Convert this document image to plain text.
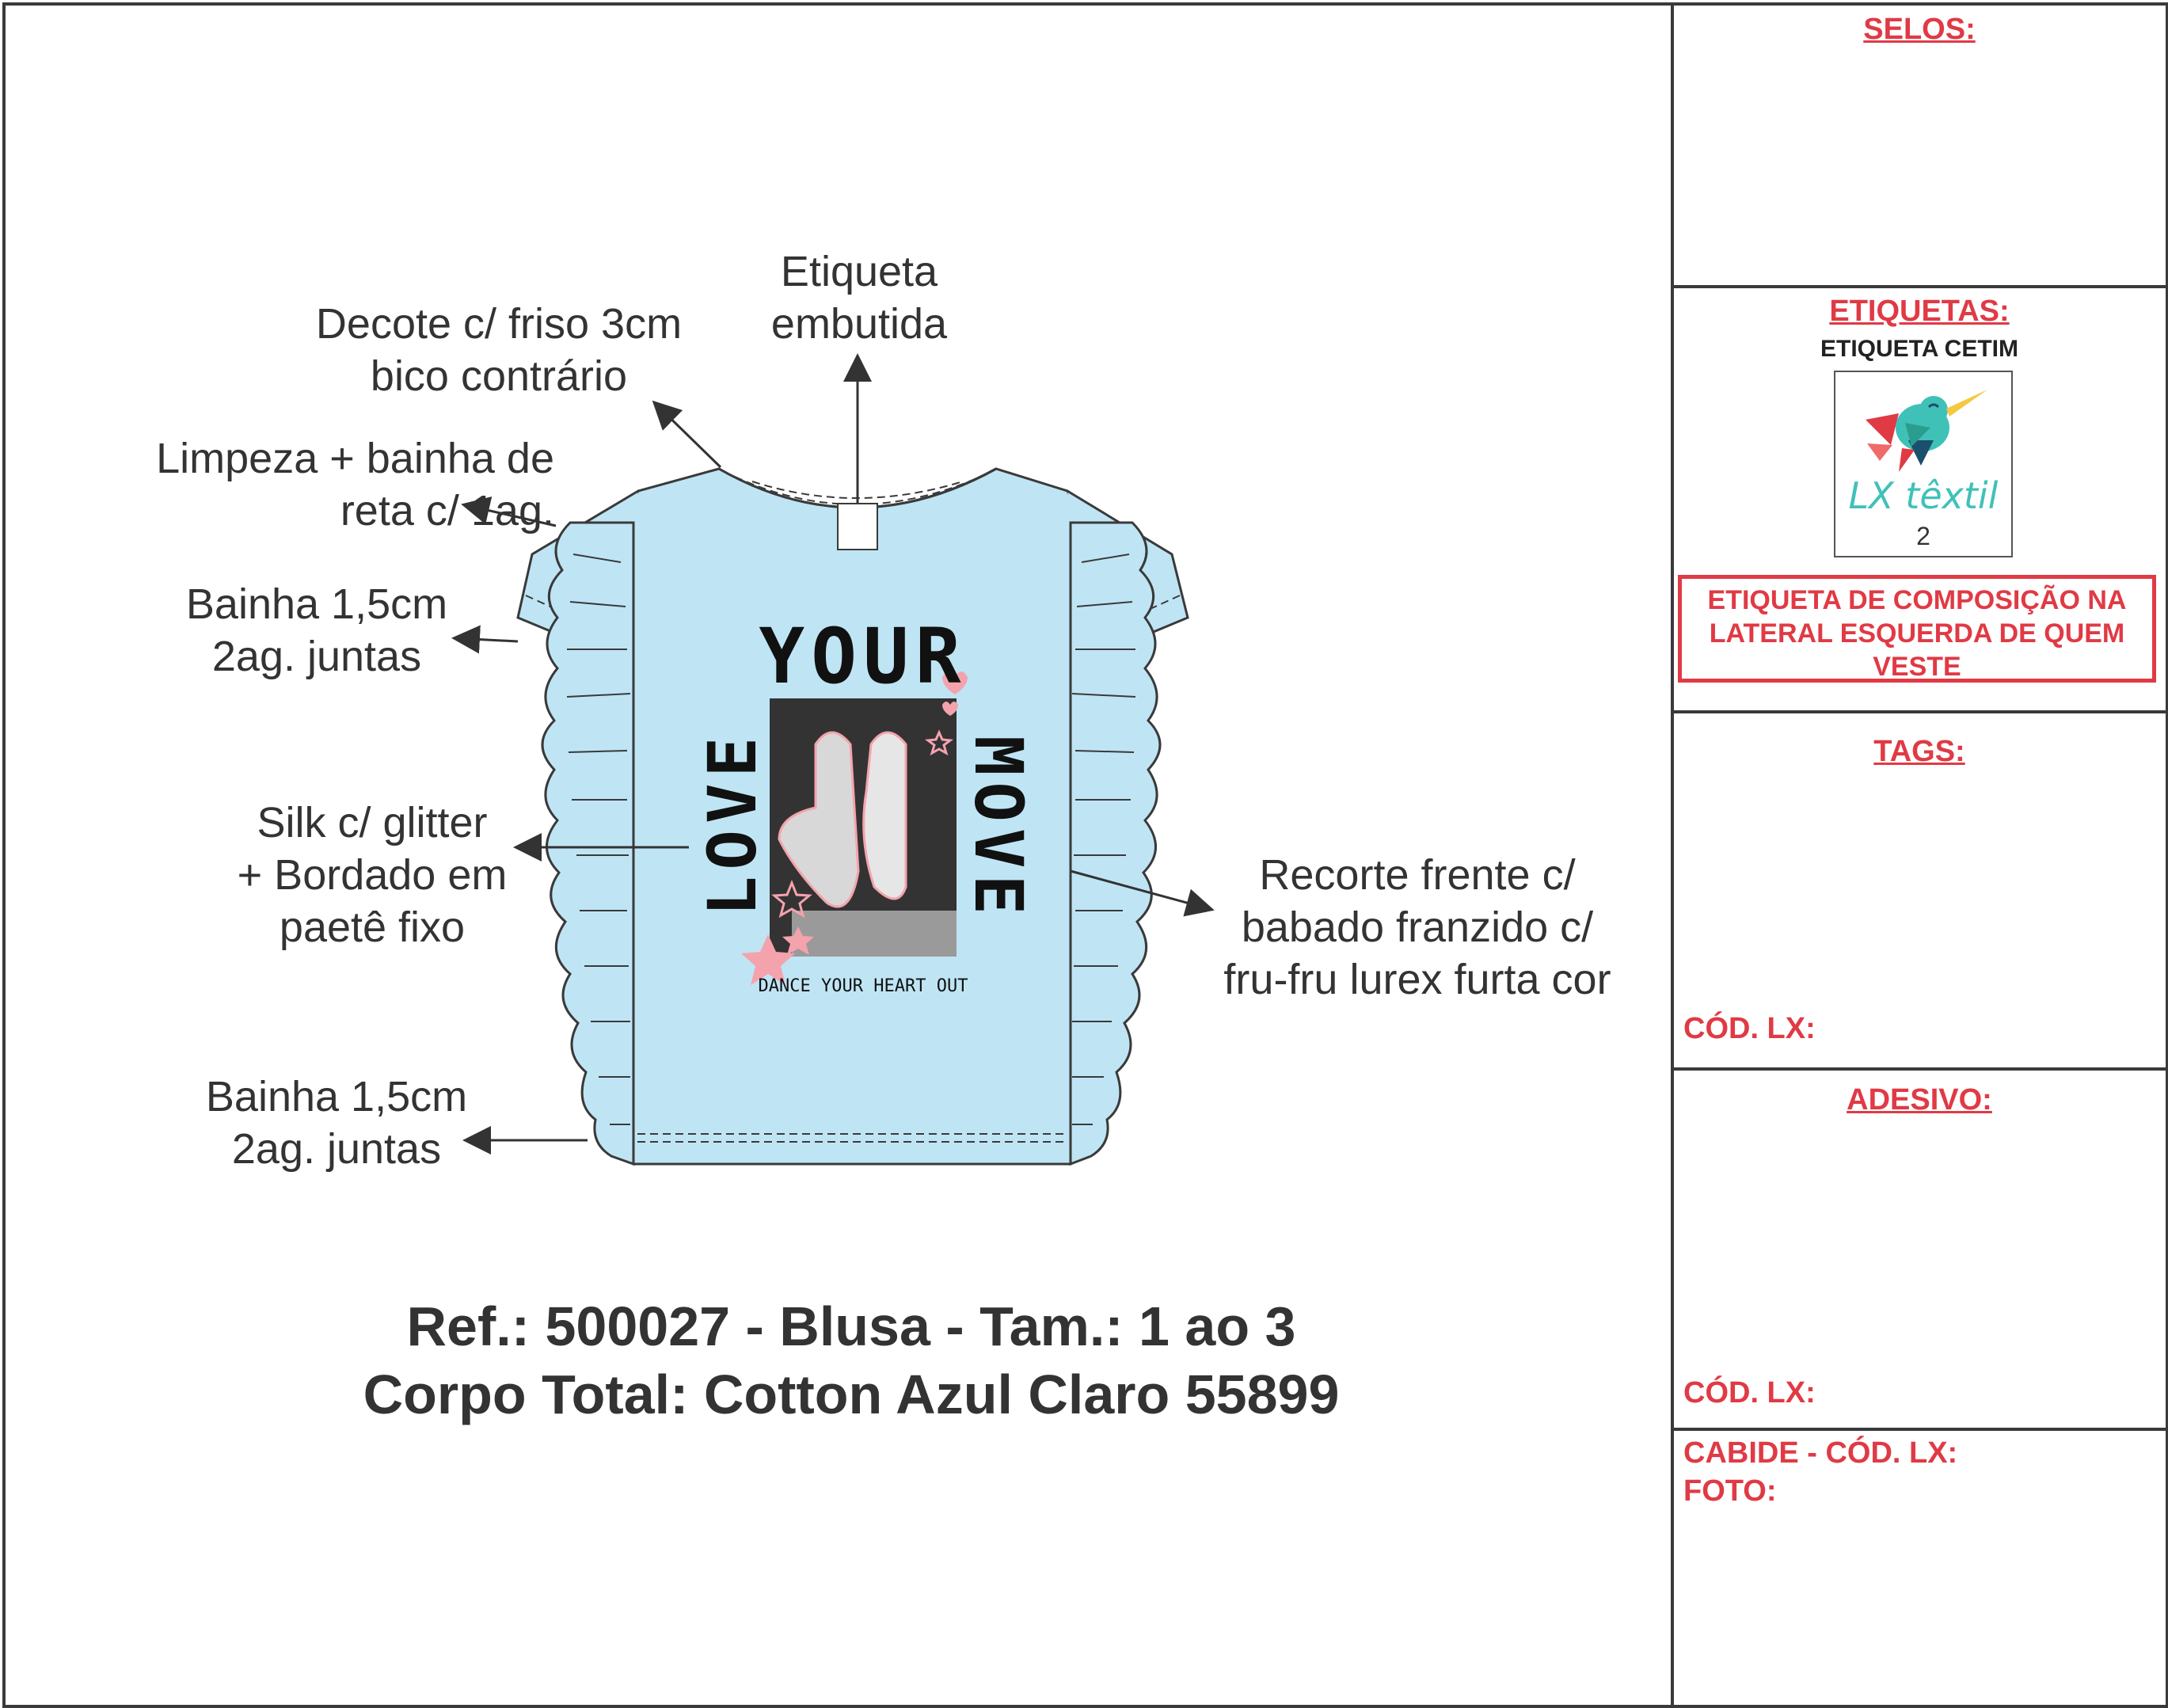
SELOS:
ETIQUETAS:
ETIQUETA CETIM
LX têxtil
2
ETIQUETA DE COMPOSIÇÃO NA LATERAL ESQUERDA DE QUEM VESTE
TAGS:
CÓD. LX:
ADESIVO:
CÓD. LX:
CABIDE - CÓD. LX:
FOTO:
YOUR
LOVE	MOVE
DANCE YOUR HEART OUT
Etiqueta
embutida
Decote c/ friso 3cm
bico contrário
Limpeza + bainha de
reta c/ 1ag.
Bainha 1,5cm
2ag. juntas
Silk c/ glitter
+ Bordado em
paetê fixo
Recorte frente c/
babado franzido c/
fru-fru lurex furta cor
Bainha 1,5cm
2ag. juntas
Ref.: 500027 - Blusa - Tam.: 1 ao 3
Corpo Total: Cotton Azul Claro 55899
